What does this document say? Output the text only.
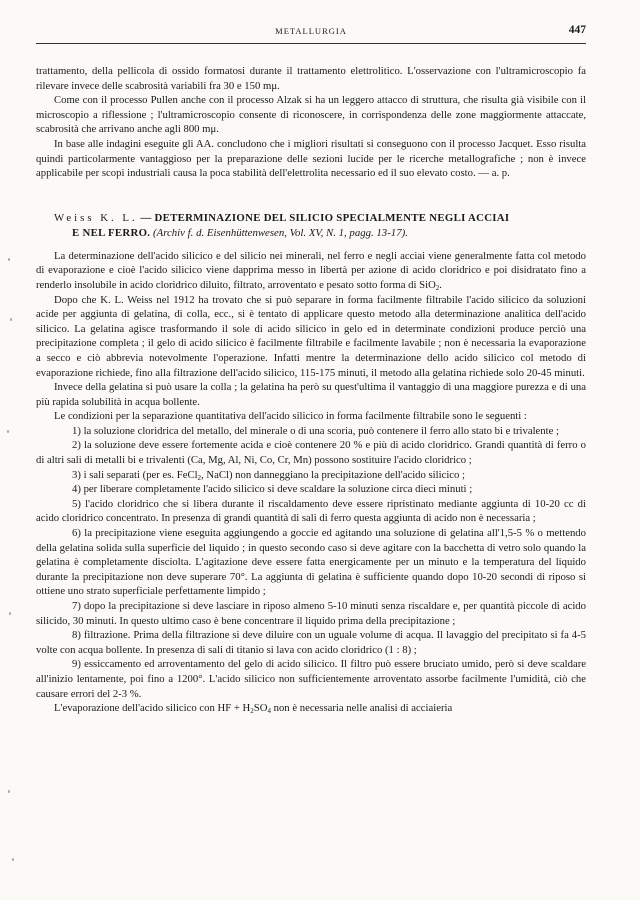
METALLURGIA	447

trattamento, della pellicola di ossido formatosi durante il trattamento elettrolitico. L'osservazione con l'ultramicroscopio fa rilevare invece delle scabrosità variabili fra 30 e 150 mμ.

Come con il processo Pullen anche con il processo Alzak si ha un leggero attacco di struttura, che risulta già visibile con il microscopio a riflessione ; l'ultramicroscopio consente di riconoscere, in corrispondenza delle zone maggiormente attaccate, scabrosità che arrivano anche agli 800 mμ.

In base alle indagini eseguite gli AA. concludono che i migliori risultati si conseguono con il processo Jacquet. Esso risulta quindi particolarmente vantaggioso per la preparazione delle sezioni lucide per le ricerche metallografiche ; non è invece applicabile per scopi industriali causa la poca stabilità dell'elettrolita necessario ed il suo elevato costo. — a. p.

Weiss K. L. — DETERMINAZIONE DEL SILICIO SPECIALMENTE NEGLI ACCIAI
E NEL FERRO. (Archiv f. d. Eisenhüttenwesen, Vol. XV, N. 1, pagg. 13-17).

La determinazione dell'acido silicico e del silicio nei minerali, nel ferro e negli acciai viene generalmente fatta col metodo di evaporazione e cioè l'acido silicico viene dapprima messo in libertà per azione di acido cloridrico e poi disidratato fino a renderlo insolubile in acido cloridrico diluito, filtrato, arroventato e pesato sotto forma di SiO$_2$.

Dopo che K. L. Weiss nel 1912 ha trovato che si può separare in forma facilmente filtrabile l'acido silicico da soluzioni acide per aggiunta di gelatina, di colla, ecc., si è tentato di applicare questo metodo alla determinazione analitica dell'acido silicico. La gelatina agisce trasformando il sole di acido silicico in gelo ed in determinate condizioni produce perciò una precipitazione completa ; il gelo di acido silicico è facilmente filtrabile e facilmente lavabile ; non è necessaria la evaporazione a secco e ciò abbrevia notevolmente l'operazione. Infatti mentre la determinazione dello acido silicico col metodo di evaporazione richiede, fino alla filtrazione dell'acido silicico, 115-175 minuti, il metodo alla gelatina richiede solo 20-45 minuti.

Invece della gelatina si può usare la colla ; la gelatina ha però su quest'ultima il vantaggio di una maggiore purezza e di una più rapida solubilità in acqua bollente.

Le condizioni per la separazione quantitativa dell'acido silicico in forma facilmente filtrabile sono le seguenti :

1) la soluzione cloridrica del metallo, del minerale o di una scoria, può contenere il ferro allo stato bi e trivalente ;

2) la soluzione deve essere fortemente acida e cioè contenere 20 % e più di acido cloridrico. Grandi quantità di ferro o di altri sali di metalli bi e trivalenti (Ca, Mg, Al, Ni, Co, Cr, Mn) possono sostituire l'acido cloridrico ;

3) i sali separati (per es. FeCl$_2$, NaCl) non danneggiano la precipitazione dell'acido silicico ;

4) per liberare completamente l'acido silicico si deve scaldare la soluzione circa dieci minuti ;

5) l'acido cloridrico che si libera durante il riscaldamento deve essere ripristinato mediante aggiunta di 10-20 cc di acido cloridrico concentrato. In presenza di grandi quantità di sali di ferro questa aggiunta di acido non è necessaria ;

6) la precipitazione viene eseguita aggiungendo a goccie ed agitando una soluzione di gelatina all'1,5-5 % o mettendo della gelatina solida sulla superficie del liquido ; in questo secondo caso si deve agitare con la bacchetta di vetro solo quando la gelatina è completamente disciolta. L'agitazione deve essere fatta energicamente per un minuto e la temperatura del liquido durante la precipitazione non deve superare 70°. La aggiunta di gelatina è sufficiente quando dopo 10-20 secondi di riposo si ottiene uno strato superficiale perfettamente limpido ;

7) dopo la precipitazione si deve lasciare in riposo almeno 5-10 minuti senza riscaldare e, per quantità piccole di acido silicido, 30 minuti. In questo ultimo caso è bene concentrare il liquido prima della precipitazione ;

8) filtrazione. Prima della filtrazione si deve diluire con un uguale volume di acqua. Il lavaggio del precipitato si fa 4-5 volte con acqua bollente. In presenza di sali di titanio si lava con acido cloridrico (1 : 8) ;

9) essiccamento ed arroventamento del gelo di acido silicico. Il filtro può essere bruciato umido, però si deve scaldare all'inizio lentamente, poi fino a 1200°. L'acido silicico non sufficientemente arroventato assorbe facilmente l'umidità, ciò che causare errori del 2-3 %.

L'evaporazione dell'acido silicico con HF + $H_2SO_4$ non è necessaria nelle analisi di acciaieria
